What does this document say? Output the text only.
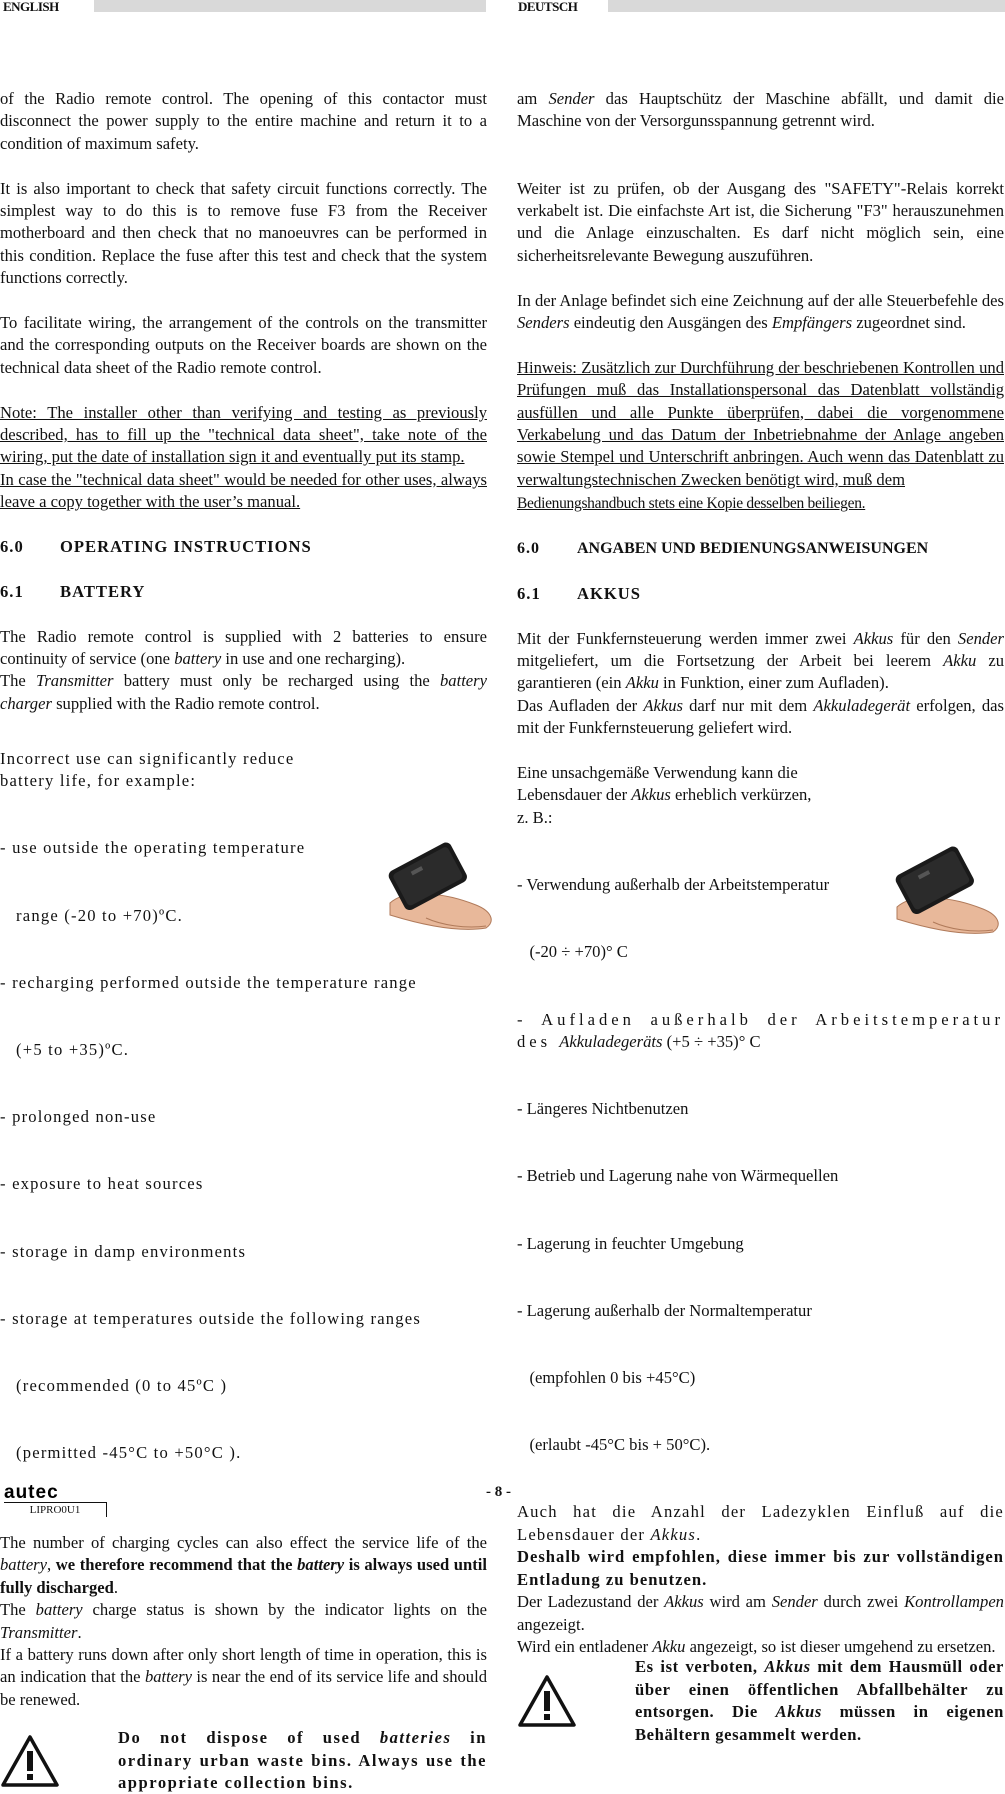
ENGLISH	DEUTSCH

of the Radio remote control. The opening of this contactor must disconnect the power supply to the entire machine and return it to a condition of maximum safety.

It is also important to check that safety circuit functions correctly. The simplest way to do this is to remove fuse F3 from the Receiver motherboard and then check that no manoeuvres can be performed in this condition. Replace the fuse after this test and check that the system functions correctly.

To facilitate wiring, the arrangement of the controls on the transmitter and the corresponding outputs on the Receiver boards are shown on the technical data sheet of the Radio remote control.

Note: The installer other than verifying and testing as previously described, has to fill up the "technical data sheet", take note of the wiring, put the date of installation sign it and eventually put its stamp.

In case the "technical data sheet" would be needed for other uses, always leave a copy together with the user’s manual.

6.0 OPERATING INSTRUCTIONS

6.1 BATTERY

The Radio remote control is supplied with 2 batteries to ensure continuity of service (one battery in use and one recharging).

The Transmitter battery must only be recharged using the battery charger supplied with the Radio remote control.

Incorrect use can significantly reduce
battery life, for example:

- use outside the operating temperature

range (-20 to +70)ºC.

- recharging performed outside the temperature range

(+5 to +35)ºC.

- prolonged non-use

- exposure to heat sources

- storage in damp environments

- storage at temperatures outside the following ranges

(recommended (0 to 45ºC )

(permitted -45°C to +50°C ).

The number of charging cycles can also effect the service life of the battery, we therefore recommend that the battery is always used until fully discharged.

The battery charge status is shown by the indicator lights on the Transmitter.

If a battery runs down after only short length of time in operation, this is an indication that the battery is near the end of its service life and should be renewed.

Do not dispose of used batteries in ordinary urban waste bins. Always use the appropriate collection bins.

am Sender das Hauptschütz der Maschine abfällt, und damit die Maschine von der Versorgunsspannung getrennt wird.

Weiter ist zu prüfen, ob der Ausgang des "SAFETY"-Relais korrekt verkabelt ist. Die einfachste Art ist, die Sicherung "F3" herauszunehmen und die Anlage einzuschalten. Es darf nicht möglich sein, eine sicherheitsrelevante Bewegung auszuführen.

In der Anlage befindet sich eine Zeichnung auf der alle Steuerbefehle des Senders eindeutig den Ausgängen des Empfängers zugeordnet sind.

Hinweis: Zusätzlich zur Durchführung der beschriebenen Kontrollen und Prüfungen muß das Installationspersonal das Datenblatt vollständig ausfüllen und alle Punkte überprüfen, dabei die vorgenommene Verkabelung und das Datum der Inbetriebnahme der Anlage angeben sowie Stempel und Unterschrift anbringen. Auch wenn das Datenblatt zu verwaltungstechnischen Zwecken benötigt wird, muß dem

Bedienungshandbuch stets eine Kopie desselben beiliegen.

6.0 ANGABEN UND BEDIENUNGSANWEISUNGEN

6.1 AKKUS

Mit der Funkfernsteuerung werden immer zwei Akkus für den Sender mitgeliefert, um die Fortsetzung der Arbeit bei leerem Akku zu garantieren (ein Akku in Funktion, einer zum Aufladen).

Das Aufladen der Akkus darf nur mit dem Akkuladegerät erfolgen, das mit der Funkfernsteuerung geliefert wird.

Eine unsachgemäße Verwendung kann die
Lebensdauer der Akkus erheblich verkürzen,
z. B.:

- Verwendung außerhalb der Arbeitstemperatur

(-20 ÷ +70)° C

- Aufladen außerhalb der Arbeitstemperatur des Akkuladegeräts (+5 ÷ +35)° C

- Längeres Nichtbenutzen

- Betrieb und Lagerung nahe von Wärmequellen

- Lagerung in feuchter Umgebung

- Lagerung außerhalb der Normaltemperatur

(empfohlen 0 bis +45°C)

(erlaubt -45°C bis + 50°C).

Auch hat die Anzahl der Ladezyklen Einfluß auf die Lebensdauer der Akkus.

Deshalb wird empfohlen, diese immer bis zur vollständigen Entladung zu benutzen.

Der Ladezustand der Akkus wird am Sender durch zwei Kontrollampen angezeigt.

Wird ein entladener Akku angezeigt, so ist dieser umgehend zu ersetzen.

Es ist verboten, Akkus mit dem Hausmüll oder über einen öffentlichen Abfallbehälter zu entsorgen. Die Akkus müssen in eigenen Behältern gesammelt werden.

autec
LIPRO0U1
- 8 -
